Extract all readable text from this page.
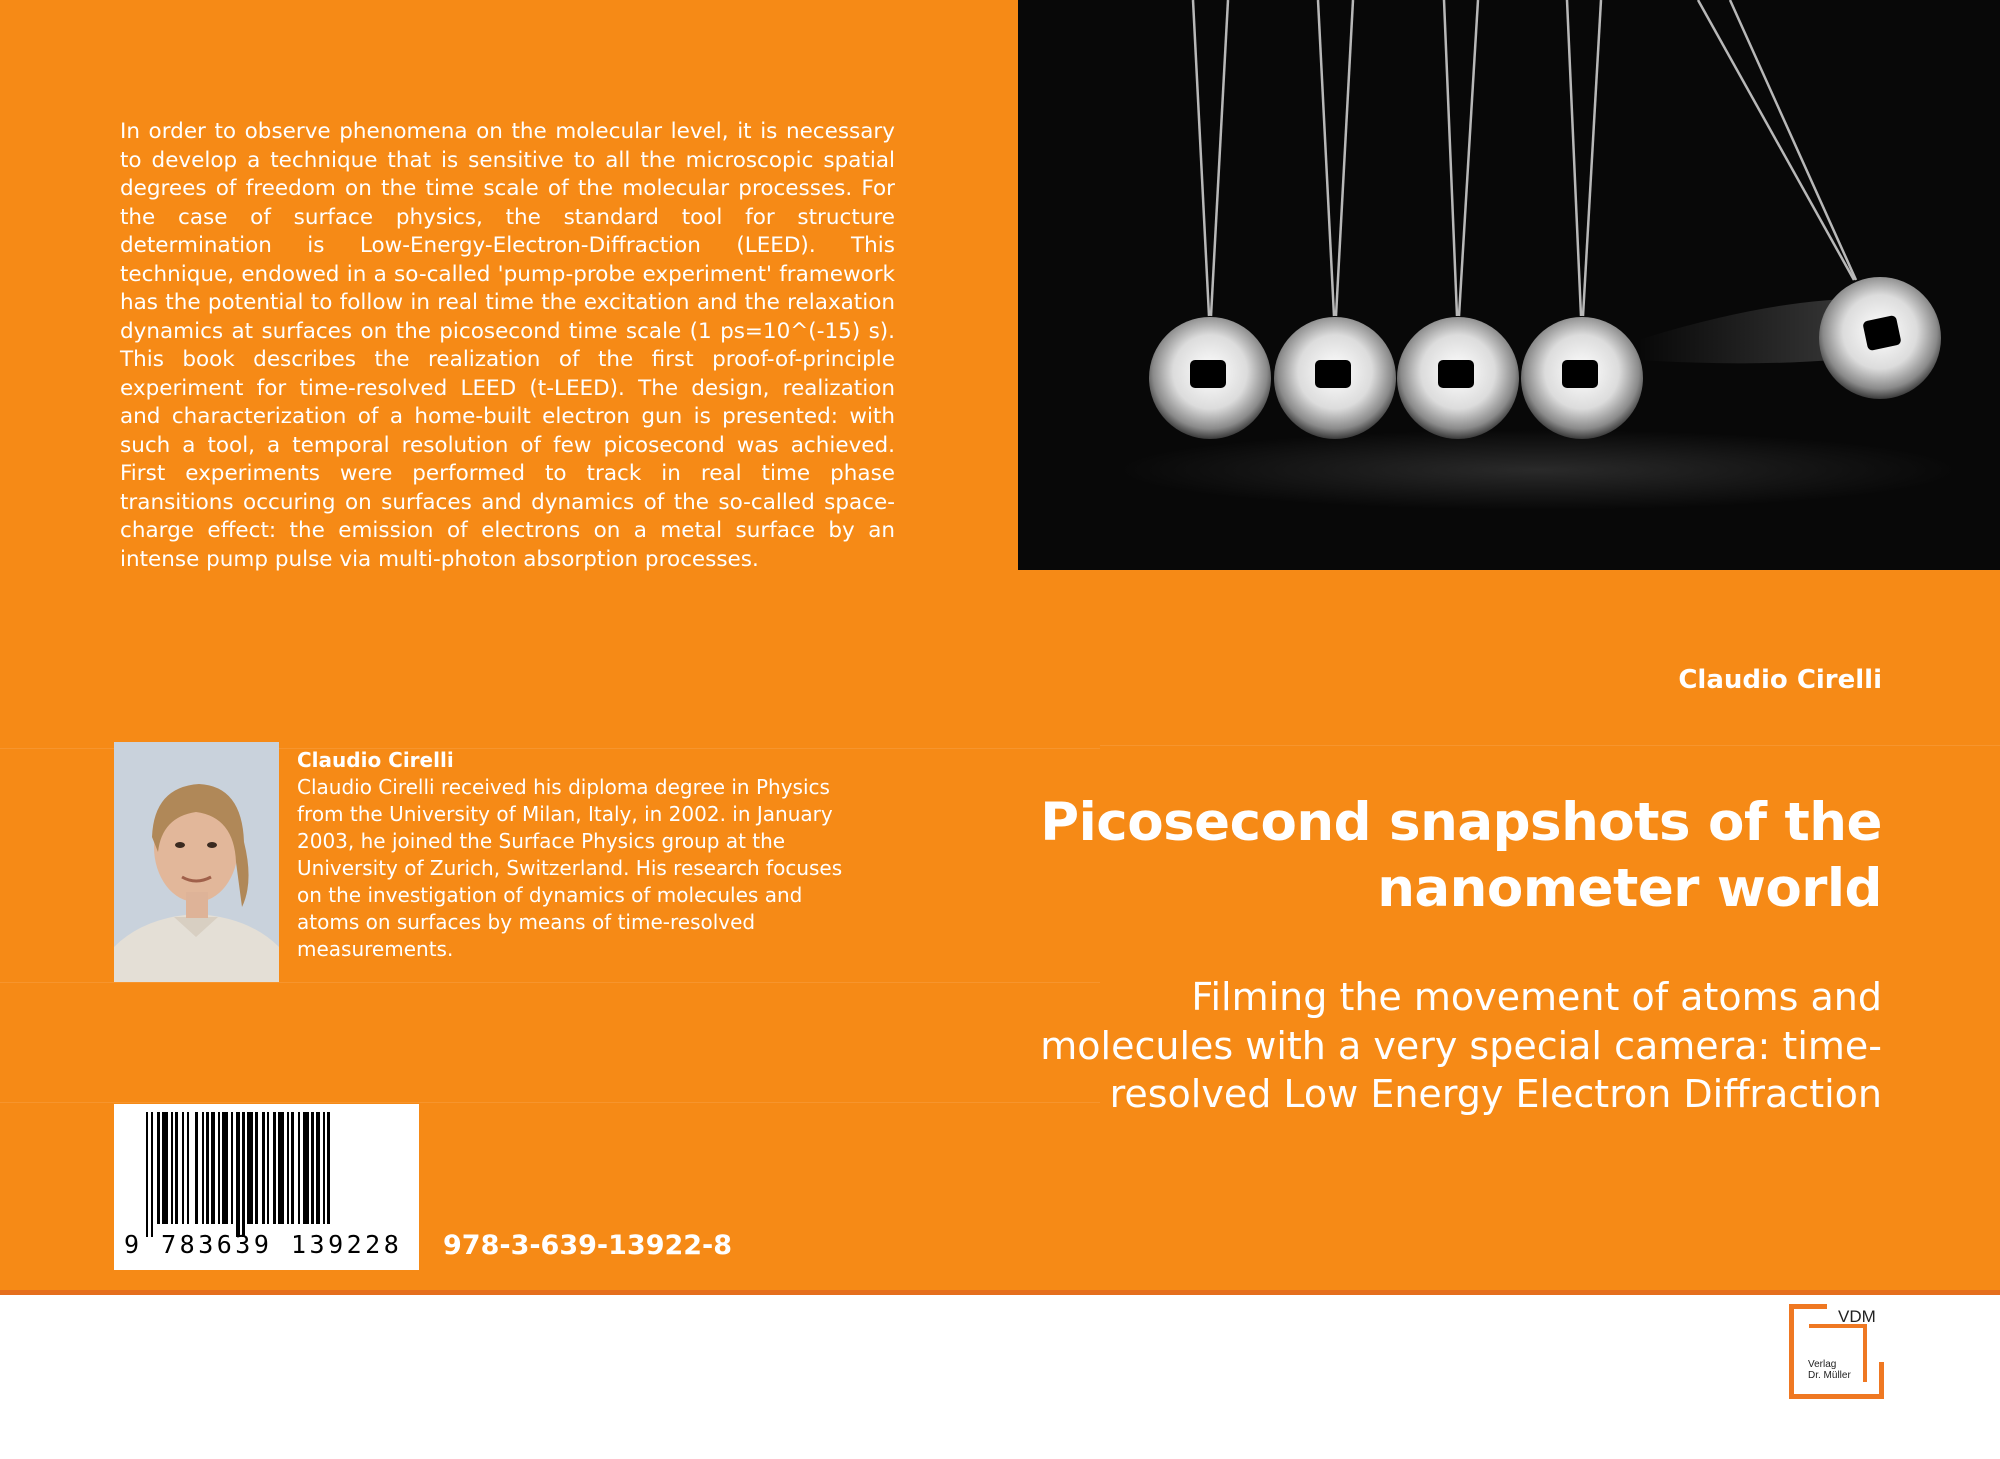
In order to observe phenomena on the molecular level, it is necessary to develop a technique that is sensitive to all the microscopic spatial degrees of freedom on the time scale of the molecular processes. For the case of surface physics, the standard tool for structure determination is Low-Energy-Electron-Diffraction (LEED). This technique, endowed in a so-called 'pump-probe experiment' framework has the potential to follow in real time the excitation and the relaxation dynamics at surfaces on the picosecond time scale (1 ps=10^(-15) s). This book describes the realization of the first proof-of-principle experiment for time-resolved LEED (t-LEED). The design, realization and characterization of a home-built electron gun is presented: with such a tool, a temporal resolution of few picosecond was achieved. First experiments were performed to track in real time phase transitions occuring on surfaces and dynamics of the so-called space-charge effect: the emission of electrons on a metal surface by an intense pump pulse via multi-photon absorption processes.
Claudio Cirelli
Picosecond snapshots of the nanometer world
Filming the movement of atoms and molecules with a very special camera: time-resolved Low Energy Electron Diffraction
Claudio Cirelli
Claudio Cirelli received his diploma degree in Physics from the University of Milan, Italy, in 2002. in January 2003, he joined the Surface Physics group at the University of Zurich, Switzerland. His research focuses on the investigation of dynamics of molecules and atoms on surfaces by means of time-resolved measurements.
9 783639 139228	978-3-639-13922-8
VDM
Verlag
Dr. Müller
